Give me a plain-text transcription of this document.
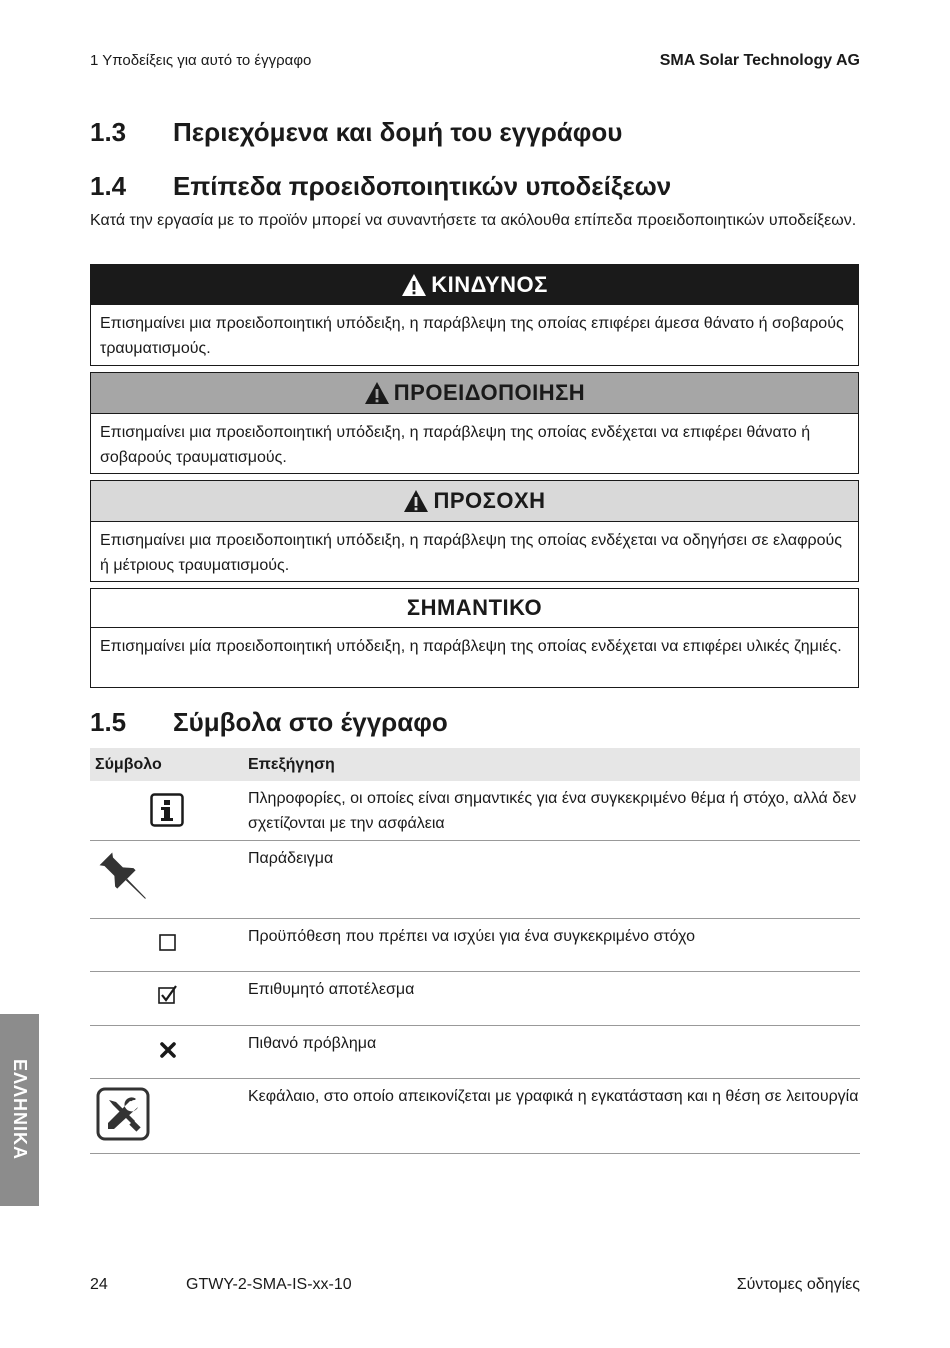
1 Υποδείξεις για αυτό το έγγραφο	SMA Solar Technology AG
1.3 Περιεχόμενα και δομή του εγγράφου
1.4 Επίπεδα προειδοποιητικών υποδείξεων
Κατά την εργασία με το προϊόν μπορεί να συναντήσετε τα ακόλουθα επίπεδα προειδοποιητικών υποδείξεων.
ΚΙΝΔΥΝΟΣ
Επισημαίνει μια προειδοποιητική υπόδειξη, η παράβλεψη της οποίας επιφέρει άμεσα θάνατο ή σοβαρούς τραυματισμούς.
ΠΡΟΕΙΔΟΠΟΙΗΣΗ
Επισημαίνει μια προειδοποιητική υπόδειξη, η παράβλεψη της οποίας ενδέχεται να επιφέρει θάνατο ή σοβαρούς τραυματισμούς.
ΠΡΟΣΟΧΗ
Επισημαίνει μια προειδοποιητική υπόδειξη, η παράβλεψη της οποίας ενδέχεται να οδηγήσει σε ελαφρούς ή μέτριους τραυματισμούς.
ΣΗΜΑΝΤΙΚΟ
Επισημαίνει μία προειδοποιητική υπόδειξη, η παράβλεψη της οποίας ενδέχεται να επιφέρει υλικές ζημιές.
1.5 Σύμβολα στο έγγραφο
Σύμβολο	Επεξήγηση
Πληροφορίες, οι οποίες είναι σημαντικές για ένα συγκεκριμένο θέμα ή στόχο, αλλά δεν σχετίζονται με την ασφάλεια
Παράδειγμα
Προϋπόθεση που πρέπει να ισχύει για ένα συγκεκριμένο στόχο
Επιθυμητό αποτέλεσμα
Πιθανό πρόβλημα
Κεφάλαιο, στο οποίο απεικονίζεται με γραφικά η εγκατάσταση και η θέση σε λειτουργία
ΕΛΛΗΝΙΚΑ
24	GTWY-2-SMA-IS-xx-10	Σύντομες οδηγίες
